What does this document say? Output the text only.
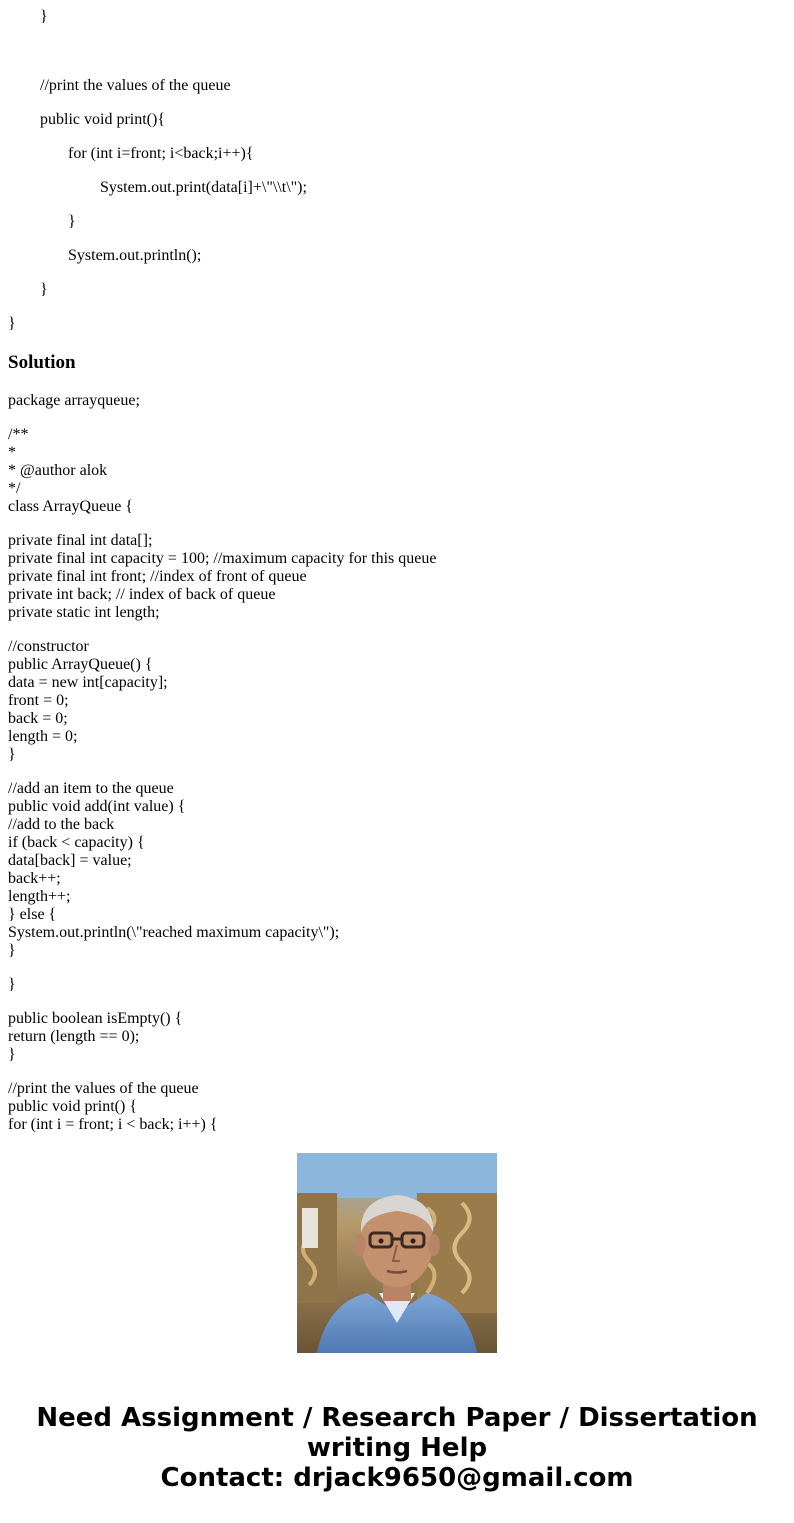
}
//print the values of the queue
public void print(){
for (int i=front; i<back;i++){
System.out.print(data[i]+\"\\t\");
}
System.out.println();
}
}
Solution
package arrayqueue;
/**
*
* @author alok
*/
class ArrayQueue {
private final int data[];
private final int capacity = 100; //maximum capacity for this queue
private final int front; //index of front of queue
private int back; // index of back of queue
private static int length;
//constructor
public ArrayQueue() {
data = new int[capacity];
front = 0;
back = 0;
length = 0;
}
//add an item to the queue
public void add(int value) {
//add to the back
if (back < capacity) {
data[back] = value;
back++;
length++;
} else {
System.out.println(\"reached maximum capacity\");
}
}
public boolean isEmpty() {
return (length == 0);
}
//print the values of the queue
public void print() {
for (int i = front; i < back; i++) {
Need Assignment / Research Paper / Dissertation
writing Help
Contact: drjack9650@gmail.com
